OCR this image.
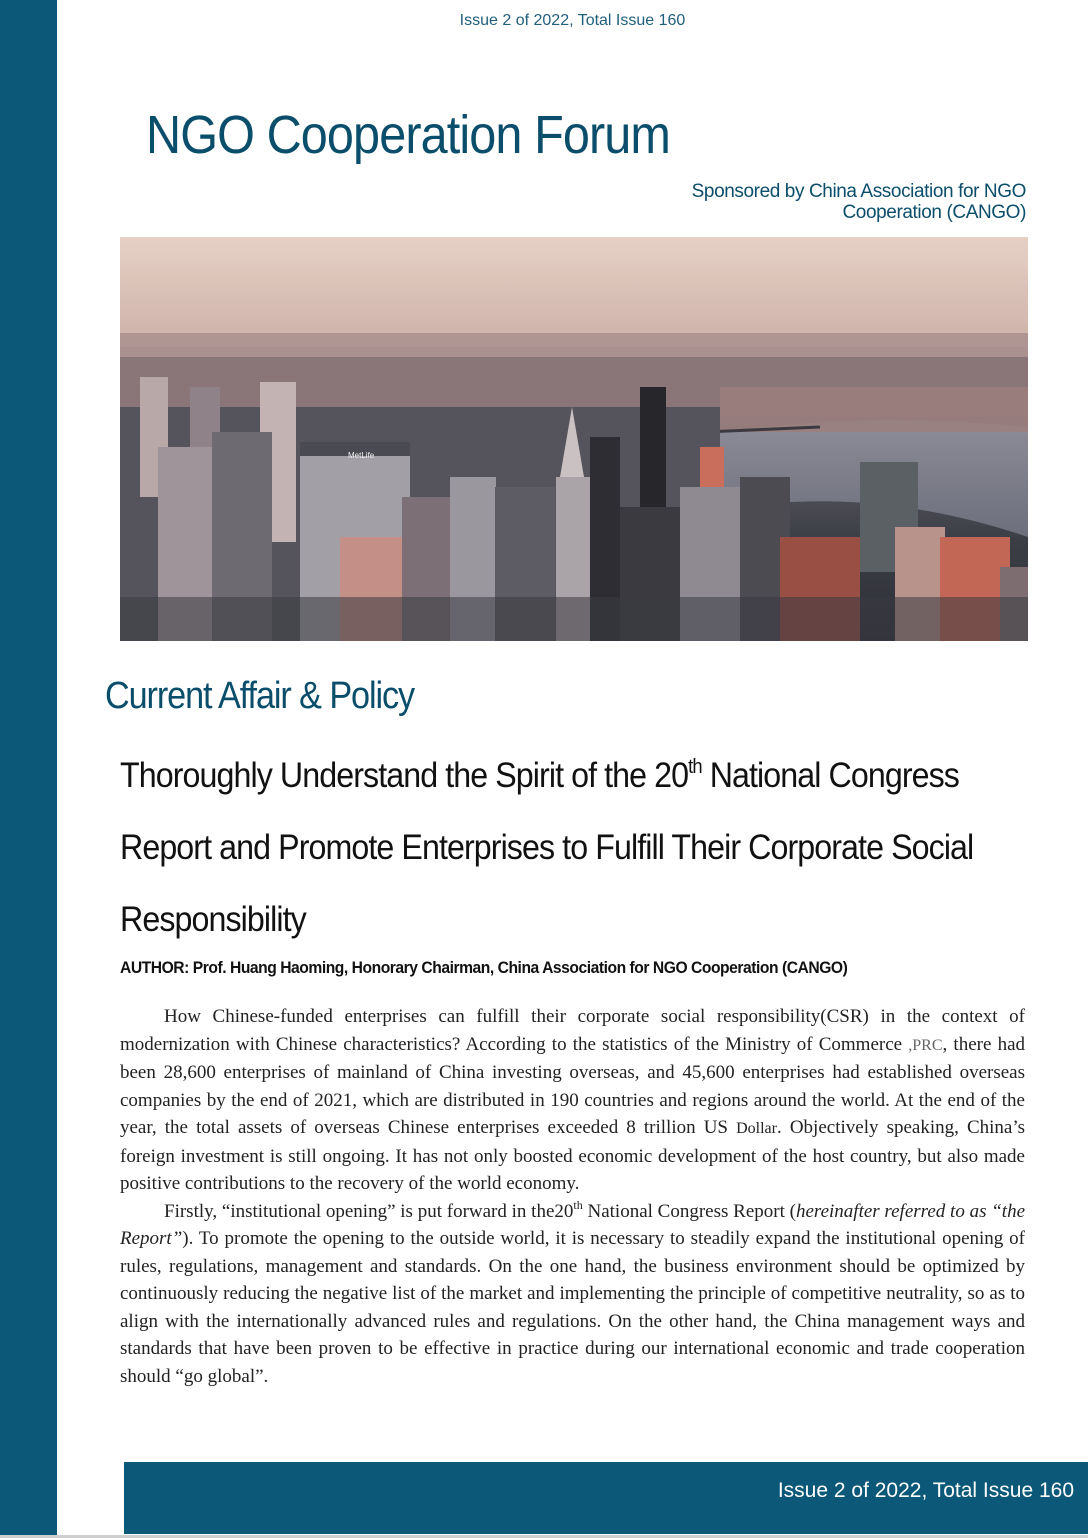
Issue 2 of 2022, Total Issue 160
NGO Cooperation Forum
Sponsored by China Association for NGO
Cooperation (CANGO)
MetLife
Current Affair & Policy
Thoroughly Understand the Spirit of the 20th National Congress Report and Promote Enterprises to Fulfill Their Corporate Social Responsibility
AUTHOR: Prof. Huang Haoming, Honorary Chairman, China Association for NGO Cooperation (CANGO)

How Chinese-funded enterprises can fulfill their corporate social responsibility(CSR) in the context of modernization with Chinese characteristics? According to the statistics of the Ministry of Commerce ,PRC, there had been 28,600 enterprises of mainland of China investing overseas, and 45,600 enterprises had established overseas companies by the end of 2021, which are distributed in 190 countries and regions around the world. At the end of the year, the total assets of overseas Chinese enterprises exceeded 8 trillion US Dollar. Objectively speaking, China’s foreign investment is still ongoing. It has not only boosted economic development of the host country, but also made positive contributions to the recovery of the world economy.

Firstly, “institutional opening” is put forward in the20th National Congress Report (hereinafter referred to as “the Report”). To promote the opening to the outside world, it is necessary to steadily expand the institutional opening of rules, regulations, management and standards. On the one hand, the business environment should be optimized by continuously reducing the negative list of the market and implementing the principle of competitive neutrality, so as to align with the internationally advanced rules and regulations. On the other hand, the China management ways and standards that have been proven to be effective in practice during our international economic and trade cooperation should “go global”.

Issue 2 of 2022, Total Issue 160
